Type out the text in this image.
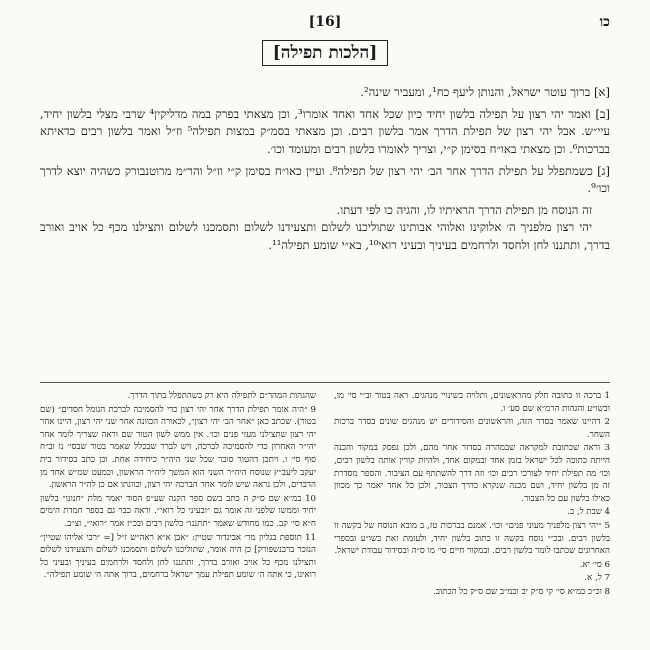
כו
[16]
[הלכות תפילה]

[א] ברוך עוטר ישראל, והנותן ליעף כח¹, ומעביר שינה².

[ב] ואמר יהי רצון על תפילה בלשון יחיד כיון שכל אחד ואחד אומרו³, וכן מצאתי בפרק במה מדליקין⁴ שרבי מצלי בלשון יחיד, עיי״ש. אבל יהי רצון של תפילת הדרך אמר בלשון רבים. וכן מצאתי בסמ״ק במצות תפילה⁵ וז״ל ואמר בלשון רבים כדאיתא בברכות⁶. וכן מצאתי באו״ח בסימן ק״י, וצריך לאומרו בלשון רבים ומעומד וכו׳.

[ג] כשמתפלל על תפילת הדרך אחר הב׳ יהי רצון של תפילה⁸. ועיין כאו״ח בסימן ק״י וז״ל והר״מ מרוטנבורק כשהיה יוצא לדרך וכו׳⁹.

זה הנוסח מן תפילת הדרך הראיתיו לו, והגיה כו לפי דעתו.

יהי רצון מלפניך ה׳ אלוקינו ואלוהי אבותינו שתוליכנו לשלום ותצעידנו לשלום ותסמכנו לשלום ותצילנו מכף כל אויב ואורב בדרך, ותתננו לחן ולחסד ולרחמים בעיניך ובעיני רואי¹⁰, בא״י שומע תפילה¹¹.

1 ברכה זו כתובה חלק מהראשונים, ותלויה בשינויי מנהגים. ראה בטור וב״י סי׳ מו, ובשו״ע והגהות הרמ״א שם סע׳ ו.

2 דהיינו שאמר בסדר הזה, והראשונים והסידורים יש מנהגים שונים בסדר ברכות השחר.

3 וראה שכתובת למקראה שבמהרה בסדור אחר מהם, ולכן נפסק במקור והכנה הייתה כתובה לכל ישראל בזמן אחד ובמקום אחד, ולהיות קורין אותה בלשון רבים, וכו׳ מה תפילת יחיד לצורכי רבים וכו׳ וזה דרך להשתתף עם הציבור. והספר מסדרת זה מן בלשון יחיד, ושם מכנה שנקרא כדרך הצבור, ולכן כל אחד יאמר כך מכוון כאילו בלשון עם כל הצבור.

4 שבת ל, ב.

5 ״יהי רצון מלפניך מעוני פנים״ וכו׳. אמנם בברכות טז, ב מובא הנוסח של בקשה זו בלשון רבים. ובכ״י נוסח בקשה זו כתוב בלשון יחיד, ולעומת זאת בשו״ע ובספרי האחרונים שכתבו לומר בלשון רבים. ובמקור חיים סי׳ מו ס״ה ובסידור עבודת ישראל.

6 סי׳ יא.

7 ל, א.

8 וכ״כ במ״א סי׳ קי ס״ק יב ובמ״ב שם ס״ק כל הכתוב.

שהגהות המהר״ם לתפילה היא רק כשהתפלל בתוך הדרך.

9 ״היה אומר תפילת הדרך אחר יהי רצון כדי להסמיכה לברכת הגומל חסדים״ (שם בטור). שכתב כאן ״אחר הב׳ יהי רצון״, לכאורה הכוונה אחר שני יהי רצון, היינו אחר יהי רצון שתצילני מעזי פנים וכו׳. אין ממש לשון הטור שם וראה שצריך לומר אחר יהי״ר האחרון כדי להסמיכה לברכה, ויש לברר שבכלל שאמר בטור שבסי׳ נו וב״ח סוף סי׳ ו. ויתכן דהטור סובר שכל שני היה״ר כיחידה אחת. וכן כתב בסידור בית יעקב ליעב״ץ שנוסח היה״ר השני הוא המשך ליה״ר הראשון, וכמעט שמ״ש אחד מן הדברים, ולכן נראה שיש לומר אחר הברכה יהי רצון, וכוונתו אם כן לה״ר הראשון.

10 במ״א שם ס״ק ה כתב בשם ספר הקנה שע״פ הסוד יאמר מלת ״חנונו״ בלשון יחיד וממשו שלפני זה אומר גם ״ובעיני כל רואי״. וראה כבר גם בספר חמדת הימים ח״א סי׳ קב. כמו מחודש שאמר ״תתננו״ בלשון רבים ובכ״ז אמר ״רואי״, וצ״ב.

11 תוספת בגליון מר׳ אביגדור שטיין: ״אבן א״א ראה״ש ז״ל [= ״רבי אליהו שטיין״ הנזכר ברבנשפורק] כן היה אומר, שתוליכנו לשלום ותסמכנו לשלום ותצעידנו לשלום ותצילנו מכף כל אויב ואורב בדרך, ותתננו לחן ולחסד ולרחמים בעיניך ובעיני כל רואינו, כי אתה ה׳ שומע תפילת עמך ישראל ברחמים, ברוך אתה ה׳ שומע תפילה״.
